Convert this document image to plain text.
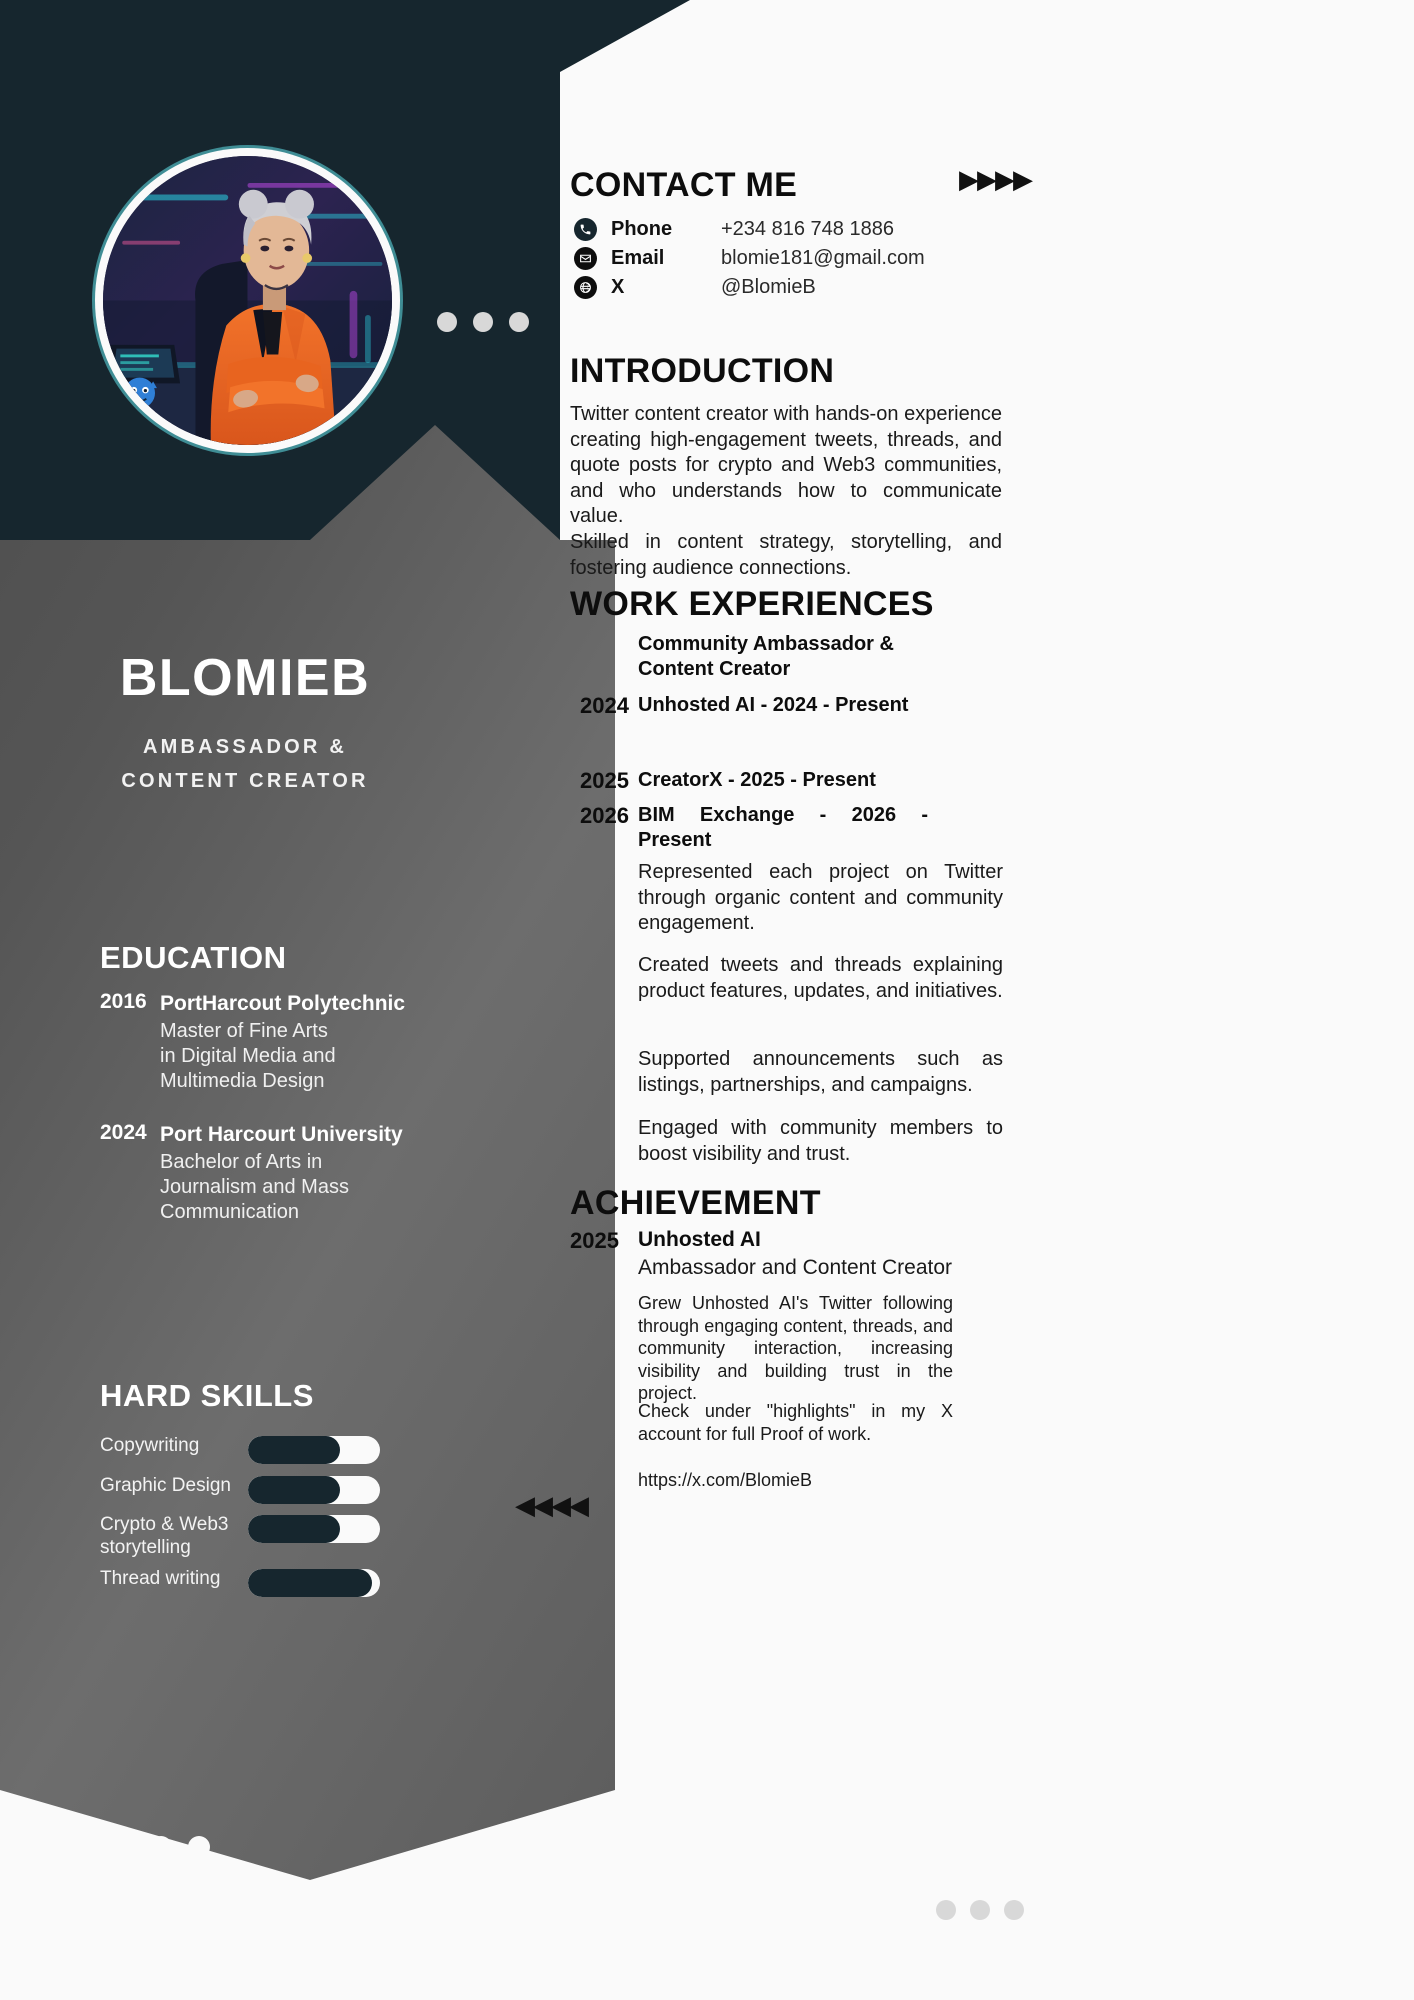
BLOMIEB
AMBASSADOR &
CONTENT CREATOR
EDUCATION
2016 PortHarcout Polytechnic
Master of Fine Arts
in Digital Media and
Multimedia Design
2024 Port Harcourt University
Bachelor of Arts in
Journalism and Mass
Communication
HARD SKILLS
Copywriting
Graphic Design
Crypto & Web3 storytelling
Thread writing
CONTACT ME	▶▶▶▶
Phone	+234 816 748 1886
Email	blomie181@gmail.com
X	@BlomieB
INTRODUCTION
Twitter content creator with hands-on experience creating high-engagement tweets, threads, and quote posts for crypto and Web3 communities, and who understands how to communicate value.
Skilled in content strategy, storytelling, and fostering audience connections.
WORK EXPERIENCES
Community Ambassador & Content Creator
2024 Unhosted AI - 2024 - Present
2025 CreatorX - 2025 - Present
2026 BIM Exchange - 2026 - Present
Represented each project on Twitter through organic content and community engagement.
Created tweets and threads explaining product features, updates, and initiatives.
Supported announcements such as listings, partnerships, and campaigns.
Engaged with community members to boost visibility and trust.
ACHIEVEMENT
2025 Unhosted AI
Ambassador and Content Creator
Grew Unhosted AI's Twitter following through engaging content, threads, and community interaction, increasing visibility and building trust in the project.
Check under "highlights" in my X account for full Proof of work.
https://x.com/BlomieB
◀◀◀◀
